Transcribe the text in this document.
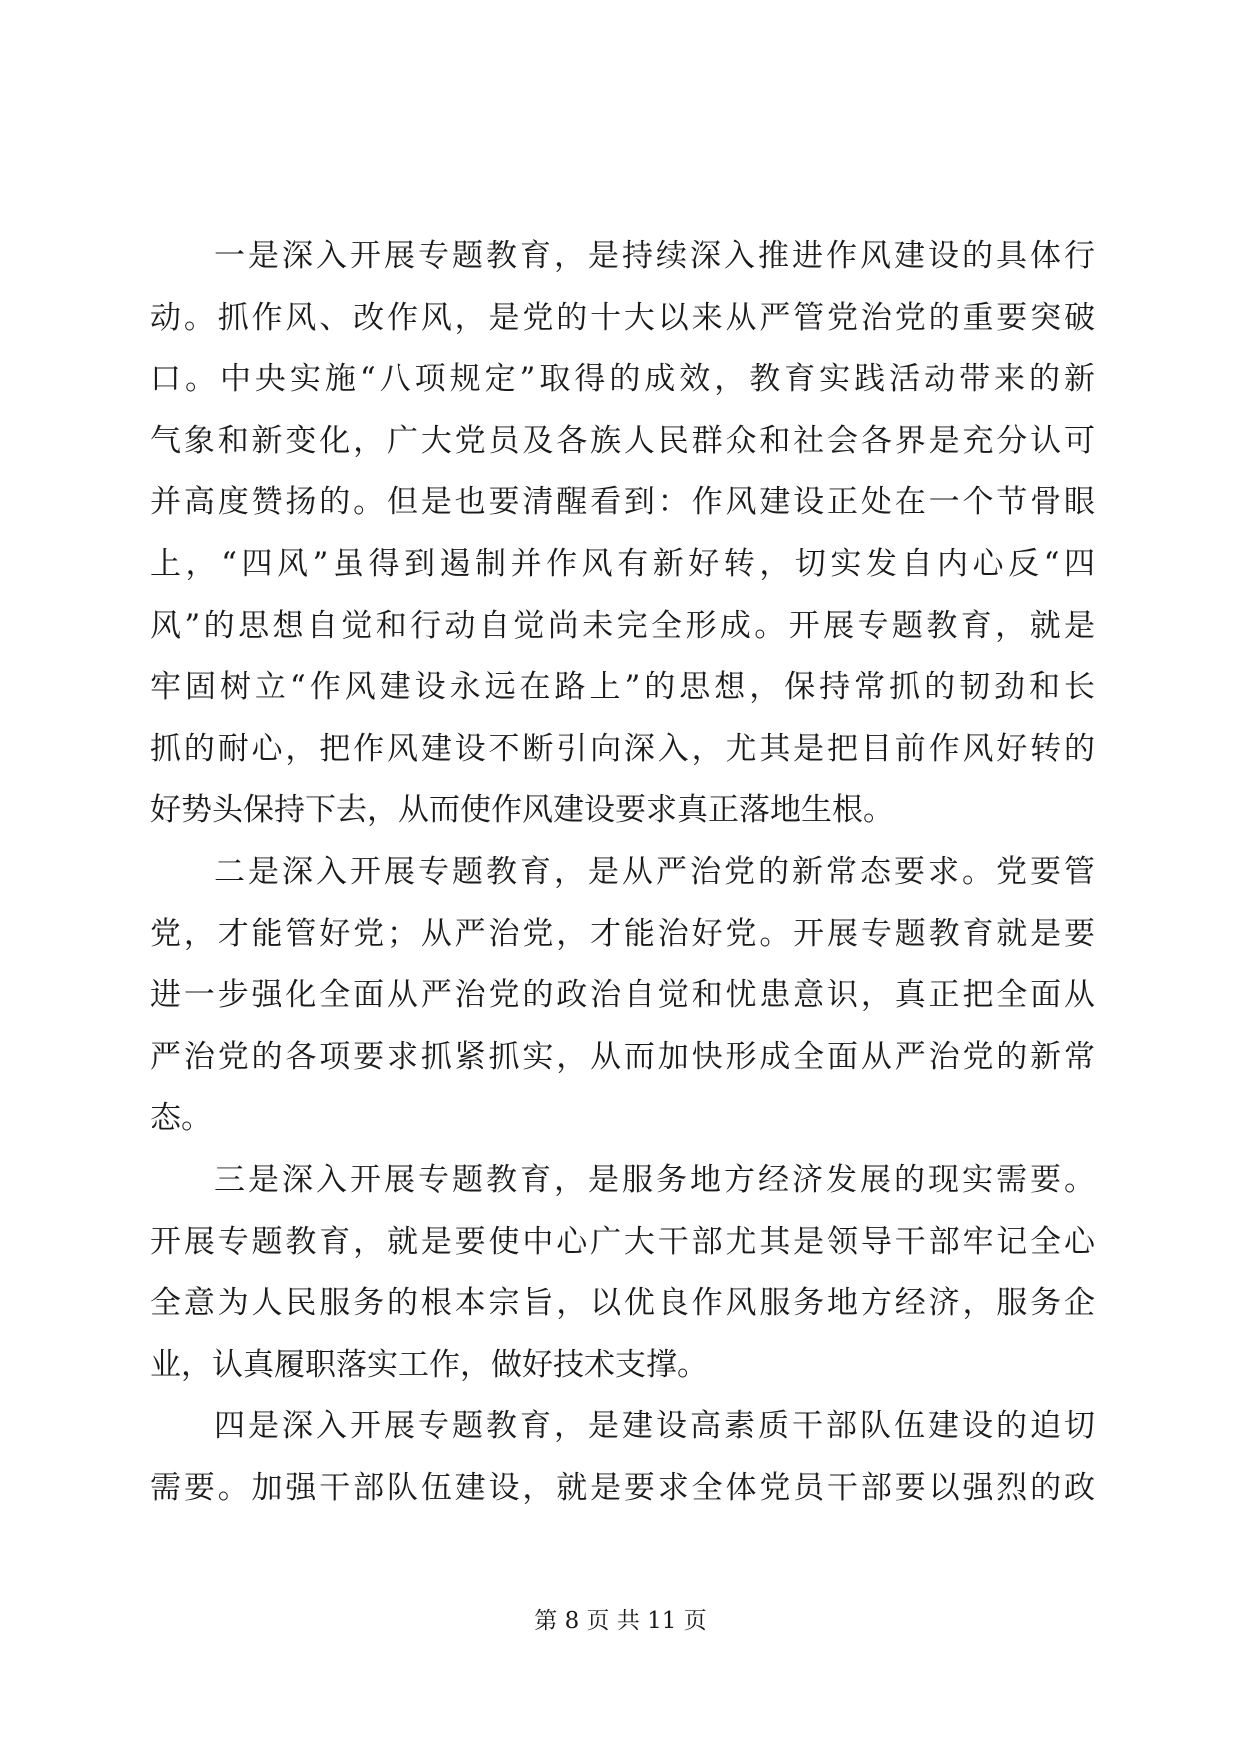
一是深入开展专题教育，是持续深入推进作风建设的具体行
动。抓作风、改作风，是党的十大以来从严管党治党的重要突破
口。中央实施“八项规定”取得的成效，教育实践活动带来的新
气象和新变化，广大党员及各族人民群众和社会各界是充分认可
并高度赞扬的。但是也要清醒看到：作风建设正处在一个节骨眼
上，“四风”虽得到遏制并作风有新好转，切实发自内心反“四
风”的思想自觉和行动自觉尚未完全形成。开展专题教育，就是
牢固树立“作风建设永远在路上”的思想，保持常抓的韧劲和长
抓的耐心，把作风建设不断引向深入，尤其是把目前作风好转的
好势头保持下去，从而使作风建设要求真正落地生根。
二是深入开展专题教育，是从严治党的新常态要求。党要管
党，才能管好党；从严治党，才能治好党。开展专题教育就是要
进一步强化全面从严治党的政治自觉和忧患意识，真正把全面从
严治党的各项要求抓紧抓实，从而加快形成全面从严治党的新常
态。
三是深入开展专题教育，是服务地方经济发展的现实需要。
开展专题教育，就是要使中心广大干部尤其是领导干部牢记全心
全意为人民服务的根本宗旨，以优良作风服务地方经济，服务企
业，认真履职落实工作，做好技术支撑。
四是深入开展专题教育，是建设高素质干部队伍建设的迫切
需要。加强干部队伍建设，就是要求全体党员干部要以强烈的政
第 8 页 共 11 页
